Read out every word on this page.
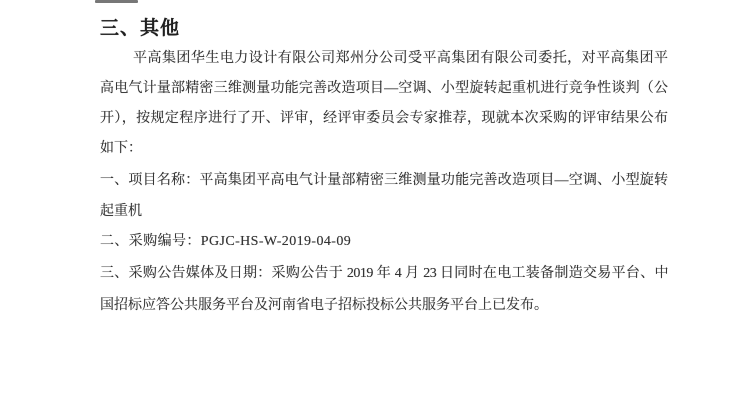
三、其他
平高集团华生电力设计有限公司郑州分公司受平高集团有限公司委托，对平高集团平
高电气计量部精密三维测量功能完善改造项目—空调、小型旋转起重机进行竞争性谈判（公
开），按规定程序进行了开、评审，经评审委员会专家推荐，现就本次采购的评审结果公布
如下：
一、项目名称：平高集团平高电气计量部精密三维测量功能完善改造项目—空调、小型旋转
起重机
二、采购编号：PGJC-HS-W-2019-04-09
三、采购公告媒体及日期：采购公告于 2019 年 4 月 23 日同时在电工装备制造交易平台、中
国招标应答公共服务平台及河南省电子招标投标公共服务平台上已发布。
